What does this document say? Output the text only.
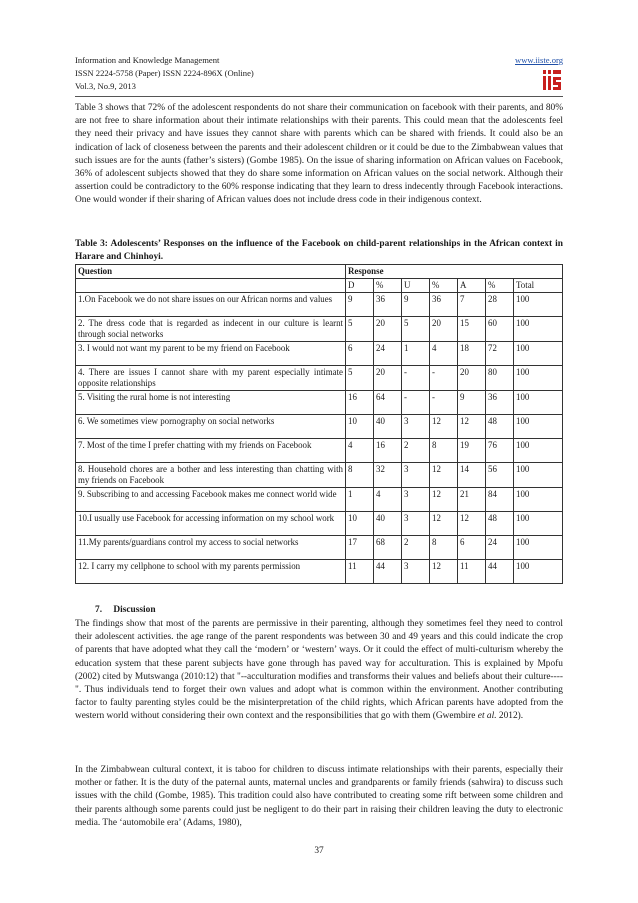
Information and Knowledge Management
ISSN 2224-5758 (Paper) ISSN 2224-896X (Online)
Vol.3, No.9, 2013
www.iiste.org

Table 3 shows that 72% of the adolescent respondents do not share their communication on facebook with their parents, and 80% are not free to share information about their intimate relationships with their parents. This could mean that the adolescents feel they need their privacy and have issues they cannot share with parents which can be shared with friends. It could also be an indication of lack of closeness between the parents and their adolescent children or it could be due to the Zimbabwean values that such issues are for the aunts (father’s sisters) (Gombe 1985). On the issue of sharing information on African values on Facebook, 36% of adolescent subjects showed that they do share some information on African values on the social network. Although their assertion could be contradictory to the 60% response indicating that they learn to dress indecently through Facebook interactions. One would wonder if their sharing of African values does not include dress code in their indigenous context.

Table 3: Adolescents’ Responses on the influence of the Facebook on child-parent relationships in the African context in Harare and Chinhoyi.

Question	Response						
	D	%	U	%	A	%	Total
1.On Facebook we do not share issues on our African norms and values	9	36	9	36	7	28	100
2. The dress code that is regarded as indecent in our culture is learnt through social networks	5	20	5	20	15	60	100
3. I would not want my parent to be my friend on Facebook	6	24	1	4	18	72	100
4. There are issues I cannot share with my parent especially intimate opposite relationships	5	20	-	-	20	80	100
5. Visiting the rural home is not interesting	16	64	-	-	9	36	100
6. We sometimes view pornography on social networks	10	40	3	12	12	48	100
7. Most of the time I prefer chatting with my friends on Facebook	4	16	2	8	19	76	100
8. Household chores are a bother and less interesting than chatting with my friends on Facebook	8	32	3	12	14	56	100
9. Subscribing to and accessing Facebook makes me connect world wide	1	4	3	12	21	84	100
10.I usually use Facebook for accessing information on my school work	10	40	3	12	12	48	100
11.My parents/guardians control my access to social networks	17	68	2	8	6	24	100
12. I carry my cellphone to school with my parents permission	11	44	3	12	11	44	100
7. Discussion

The findings show that most of the parents are permissive in their parenting, although they sometimes feel they need to control their adolescent activities. the age range of the parent respondents was between 30 and 49 years and this could indicate the crop of parents that have adopted what they call the ‘modern’ or ‘western’ ways. Or it could the effect of multi-culturism whereby the education system that these parent subjects have gone through has paved way for acculturation. This is explained by Mpofu (2002) cited by Mutswanga (2010:12) that "--acculturation modifies and transforms their values and beliefs about their culture----". Thus individuals tend to forget their own values and adopt what is common within the environment. Another contributing factor to faulty parenting styles could be the misinterpretation of the child rights, which African parents have adopted from the western world without considering their own context and the responsibilities that go with them (Gwembire et al. 2012).

In the Zimbabwean cultural context, it is taboo for children to discuss intimate relationships with their parents, especially their mother or father. It is the duty of the paternal aunts, maternal uncles and grandparents or family friends (sahwira) to discuss such issues with the child (Gombe, 1985). This tradition could also have contributed to creating some rift between some children and their parents although some parents could just be negligent to do their part in raising their children leaving the duty to electronic media. The ‘automobile era’ (Adams, 1980),

37
